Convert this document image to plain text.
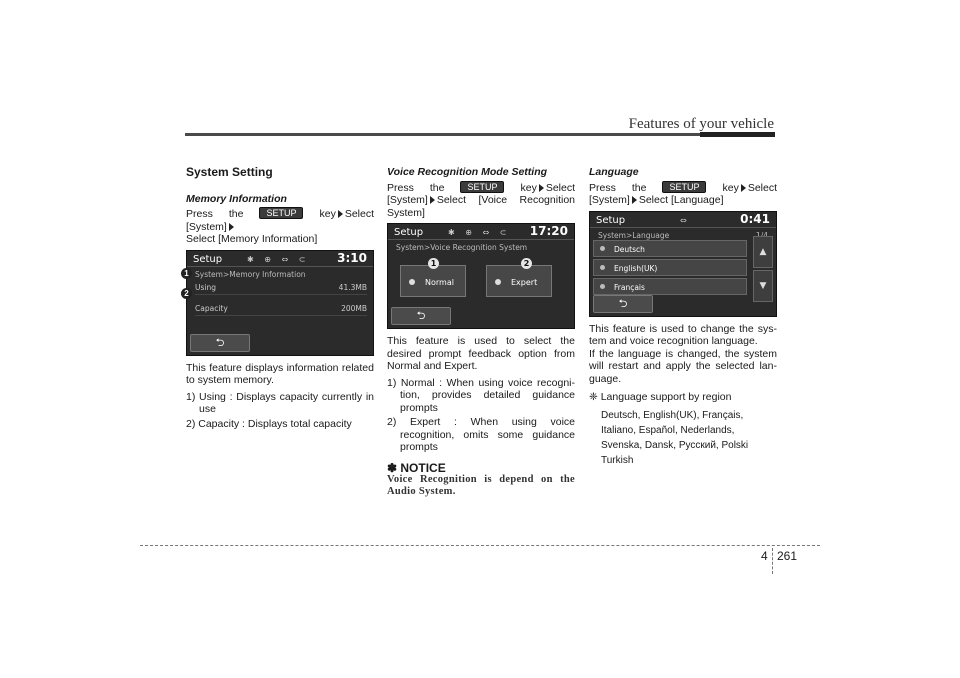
Features of your vehicle
System Setting
Memory Information
Press the	SETUP key Select [System]
Select [Memory Information]
Setup	✱ ⊕ ⇔ ⊂ 3:10
System>Memory Information
Using	41.3MB
Capacity	200MB
⮌
This feature displays information related to system memory.
1) Using : Displays capacity currently in use
2) Capacity : Displays total capacity
1
2
Voice Recognition Mode Setting
Press the	SETUP key Select [System] Select [Voice Recognition System]
Setup	✱ ⊕ ⇔ ⊂ 17:20
System>Voice Recognition System
Normal	Expert
1	2
⮌
This feature is used to select the desired prompt feedback option from Normal and Expert.
1) Normal : When using voice recogni- tion, provides detailed guidance prompts
2) Expert : When using voice recognition, omits some guidance prompts
✽ NOTICE
Voice Recognition is depend on the Audio System.
Language
Press the	SETUP key Select [System] Select [Language]
Setup	⇔	0:41
System>Language
Deutsch
English(UK)
Français
▲
▼
⮌
This feature is used to change the sys- tem and voice recognition language.
If the language is changed, the system will restart and apply the selected lan- guage.
❈ Language support by region
Deutsch, English(UK), Français,
Italiano, Español, Nederlands,
Svenska, Dansk, Русский, Polski
Turkish
4 261
